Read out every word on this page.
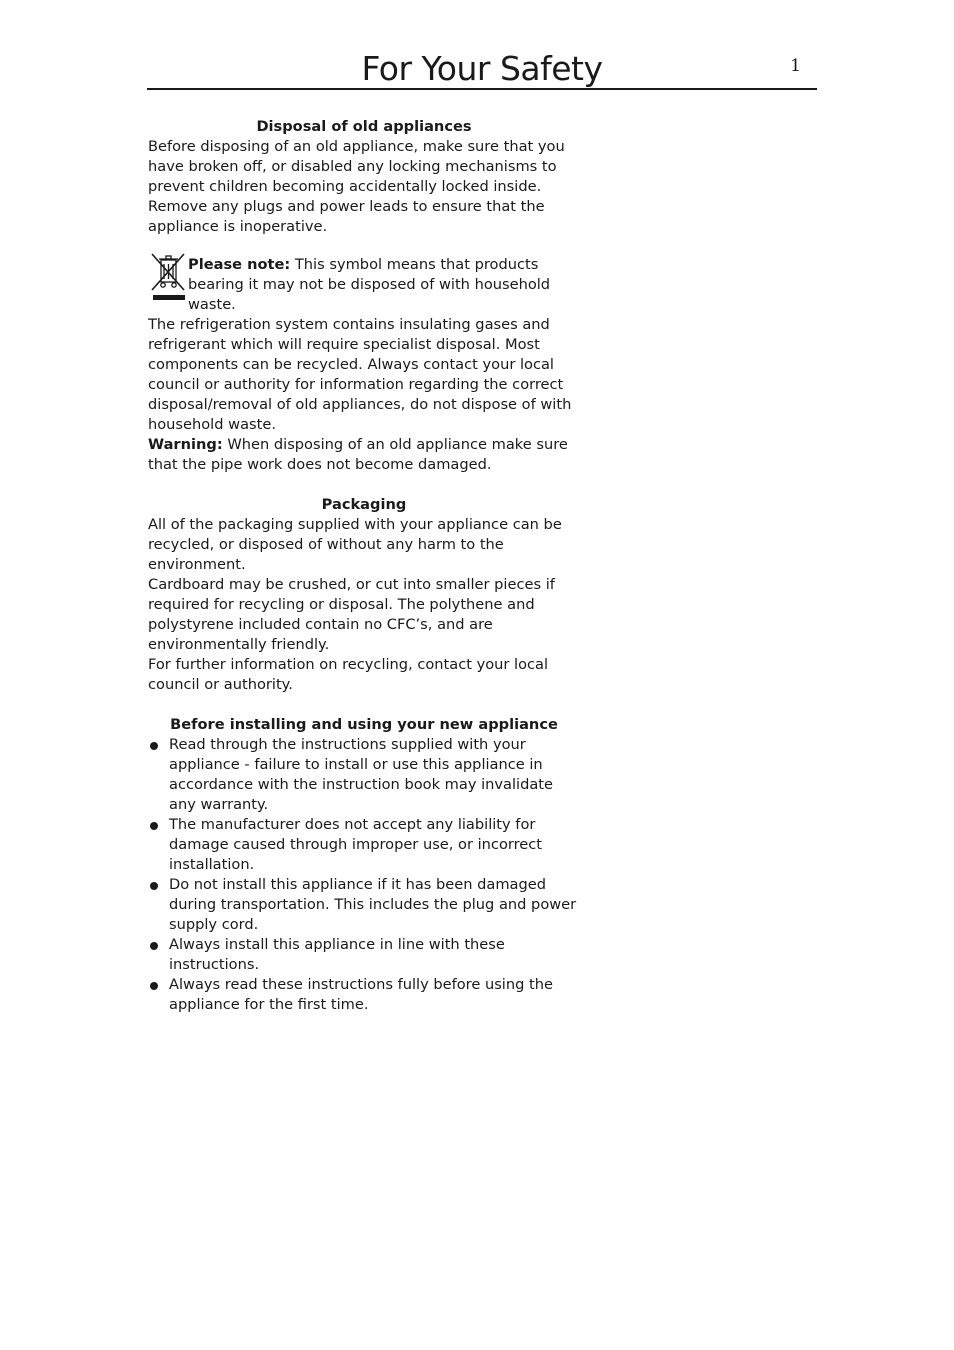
For Your Safety	1
Disposal of old appliances

Before disposing of an old appliance, make sure that you have broken off, or disabled any locking mechanisms to prevent children becoming accidentally locked inside. Remove any plugs and power leads to ensure that the appliance is inoperative.

Please note: This symbol means that products bearing it may not be disposed of with household waste.

The refrigeration system contains insulating gases and refrigerant which will require specialist disposal. Most components can be recycled. Always contact your local council or authority for information regarding the correct disposal/removal of old appliances, do not dispose of with household waste.

Warning: When disposing of an old appliance make sure that the pipe work does not become damaged.

Packaging

All of the packaging supplied with your appliance can be recycled, or disposed of without any harm to the environment.

Cardboard may be crushed, or cut into smaller pieces if required for recycling or disposal. The polythene and polystyrene included contain no CFC’s, and are environmentally friendly.

For further information on recycling, contact your local council or authority.

Before installing and using your new appliance
Read through the instructions supplied with your appliance - failure to install or use this appliance in accordance with the instruction book may invalidate any warranty.
The manufacturer does not accept any liability for damage caused through improper use, or incorrect installation.
Do not install this appliance if it has been damaged during transportation. This includes the plug and power supply cord.
Always install this appliance in line with these instructions.
Always read these instructions fully before using the appliance for the first time.
